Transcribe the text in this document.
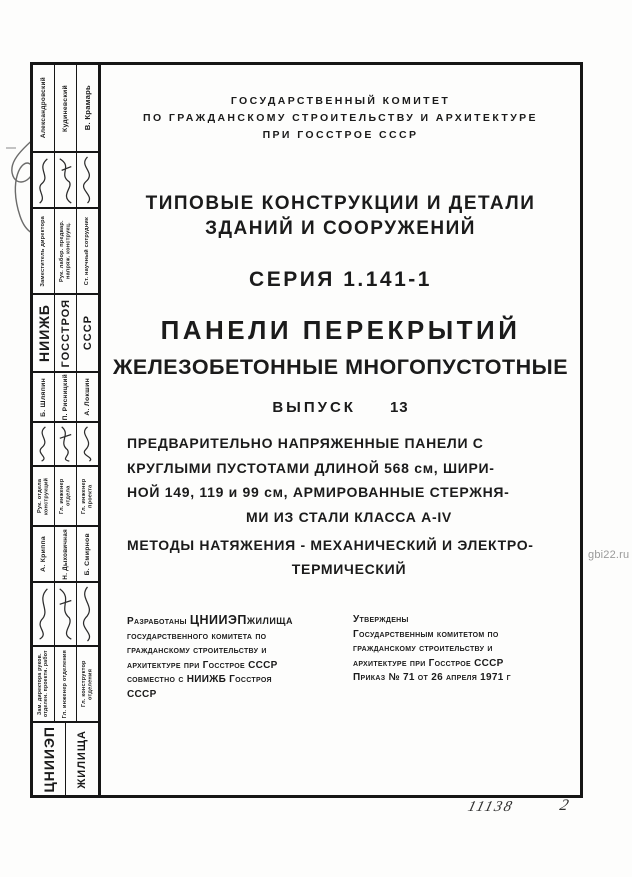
Александровский Кудиневский В. Крамарь
Заместитель директора Рук. лабор. предвар. напряж. конструкц. Ст. научный сотрудник
НИИЖБ ГОССТРОЯ СССР
Б. Шляпин П. Рисницкий А. Локшин
Рук. отдела конструкций Гл. инженер отдела Гл. инженер проекта
А. Криппа Н. Дыховичная Б. Смирнов
Зам. директора руков. отделен. проектн. работ Гл. инженер отделения Гл. конструктор отделения
ЦНИИЭП ЖИЛИЩА
ГОСУДАРСТВЕННЫЙ КОМИТЕТ
ПО ГРАЖДАНСКОМУ СТРОИТЕЛЬСТВУ И АРХИТЕКТУРЕ
ПРИ ГОССТРОЕ СССР
ТИПОВЫЕ КОНСТРУКЦИИ И ДЕТАЛИ
ЗДАНИЙ И СООРУЖЕНИЙ
СЕРИЯ 1.141-1
ПАНЕЛИ ПЕРЕКРЫТИЙ
ЖЕЛЕЗОБЕТОННЫЕ МНОГОПУСТОТНЫЕ
ВЫПУСК 13
ПРЕДВАРИТЕЛЬНО НАПРЯЖЕННЫЕ ПАНЕЛИ С
КРУГЛЫМИ ПУСТОТАМИ ДЛИНОЙ 568 см, ШИРИ-
НОЙ 149, 119 и 99 см, АРМИРОВАННЫЕ СТЕРЖНЯ-
МИ ИЗ СТАЛИ КЛАССА А-IV
МЕТОДЫ НАТЯЖЕНИЯ - МЕХАНИЧЕСКИЙ И ЭЛЕКТРО-
ТЕРМИЧЕСКИЙ
Разработаны ЦНИИЭПжилища
государственного комитета по
гражданскому строительству и
архитектуре при Госстрое СССР
совместно с НИИЖБ Госстроя
СССР
Утверждены
Государственным комитетом по
гражданскому строительству и
архитектуре при Госстрое СССР
Приказ № 71 от 26 апреля 1971 г
gbi22.ru
11138	2
